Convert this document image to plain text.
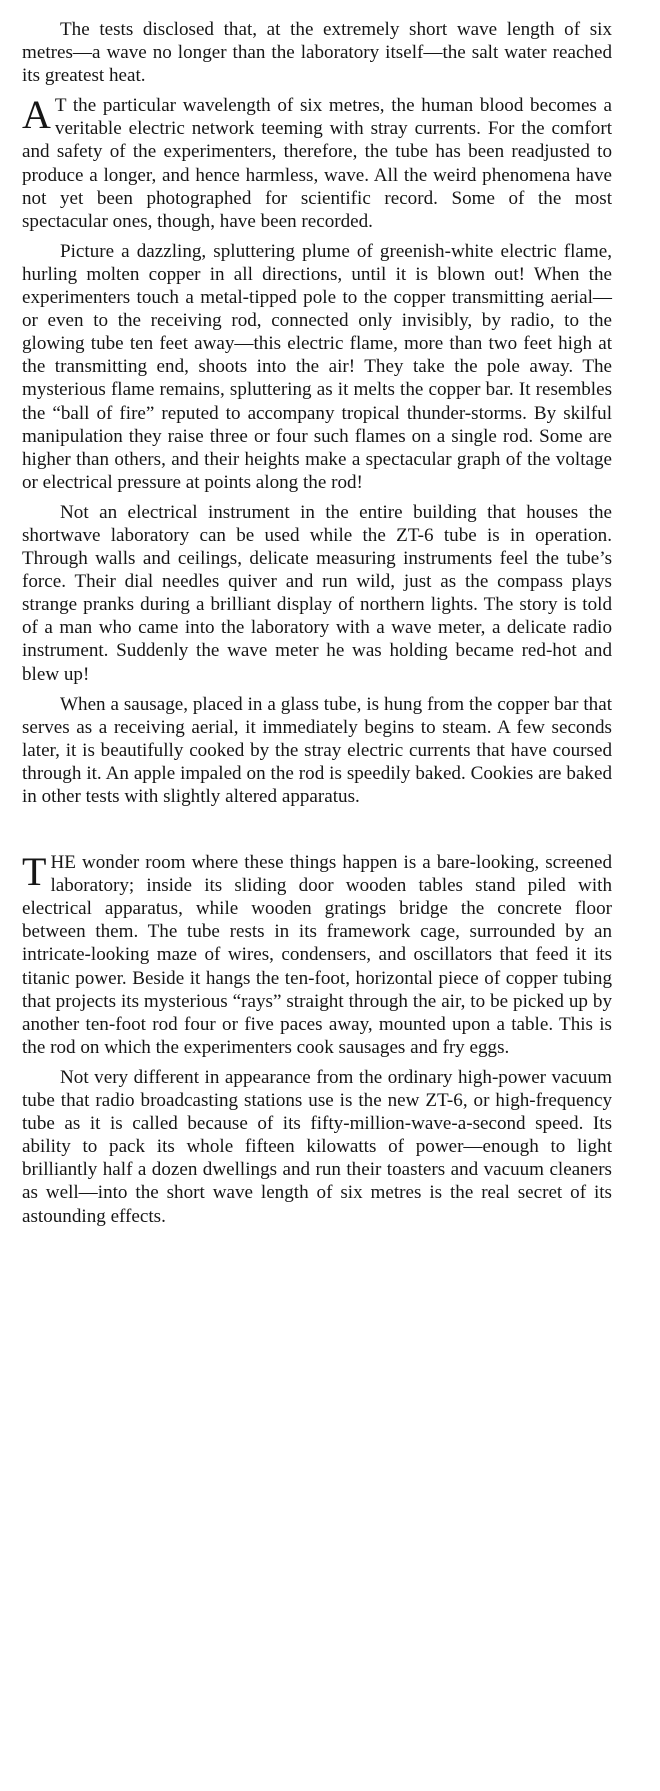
The tests disclosed that, at the extremely short wave length of six metres—a wave no longer than the laboratory itself—the salt water reached its greatest heat.

A T the particular wavelength of six metres, the human blood becomes a veritable electric network teeming with stray currents. For the comfort and safety of the experimenters, therefore, the tube has been readjusted to produce a longer, and hence harmless, wave. All the weird phenomena have not yet been photographed for scientific record. Some of the most spectacular ones, though, have been recorded.

Picture a dazzling, spluttering plume of greenish-white electric flame, hurling molten copper in all directions, until it is blown out! When the experimenters touch a metal-tipped pole to the copper transmitting aerial—or even to the receiving rod, connected only invisibly, by radio, to the glowing tube ten feet away—this electric flame, more than two feet high at the transmitting end, shoots into the air! They take the pole away. The mysterious flame remains, spluttering as it melts the copper bar. It resembles the “ball of fire” reputed to accompany tropical thunder-storms. By skilful manipulation they raise three or four such flames on a single rod. Some are higher than others, and their heights make a spectacular graph of the voltage or electrical pressure at points along the rod!

Not an electrical instrument in the entire building that houses the shortwave laboratory can be used while the ZT-6 tube is in operation. Through walls and ceilings, delicate measuring instruments feel the tube’s force. Their dial needles quiver and run wild, just as the compass plays strange pranks during a brilliant display of northern lights. The story is told of a man who came into the laboratory with a wave meter, a delicate radio instrument. Suddenly the wave meter he was holding became red-hot and blew up!

When a sausage, placed in a glass tube, is hung from the copper bar that serves as a receiving aerial, it immediately begins to steam. A few seconds later, it is beautifully cooked by the stray electric currents that have coursed through it. An apple impaled on the rod is speedily baked. Cookies are baked in other tests with slightly altered apparatus.

THE wonder room where these things happen is a bare-looking, screened laboratory; inside its sliding door wooden tables stand piled with electrical apparatus, while wooden gratings bridge the concrete floor between them. The tube rests in its framework cage, surrounded by an intricate-looking maze of wires, condensers, and oscillators that feed it its titanic power. Beside it hangs the ten-foot, horizontal piece of copper tubing that projects its mysterious “rays” straight through the air, to be picked up by another ten-foot rod four or five paces away, mounted upon a table. This is the rod on which the experimenters cook sausages and fry eggs.

Not very different in appearance from the ordinary high-power vacuum tube that radio broadcasting stations use is the new ZT-6, or high-frequency tube as it is called because of its fifty-million-wave-a-second speed. Its ability to pack its whole fifteen kilowatts of power—enough to light brilliantly half a dozen dwellings and run their toasters and vacuum cleaners as well—into the short wave length of six metres is the real secret of its astounding effects.
